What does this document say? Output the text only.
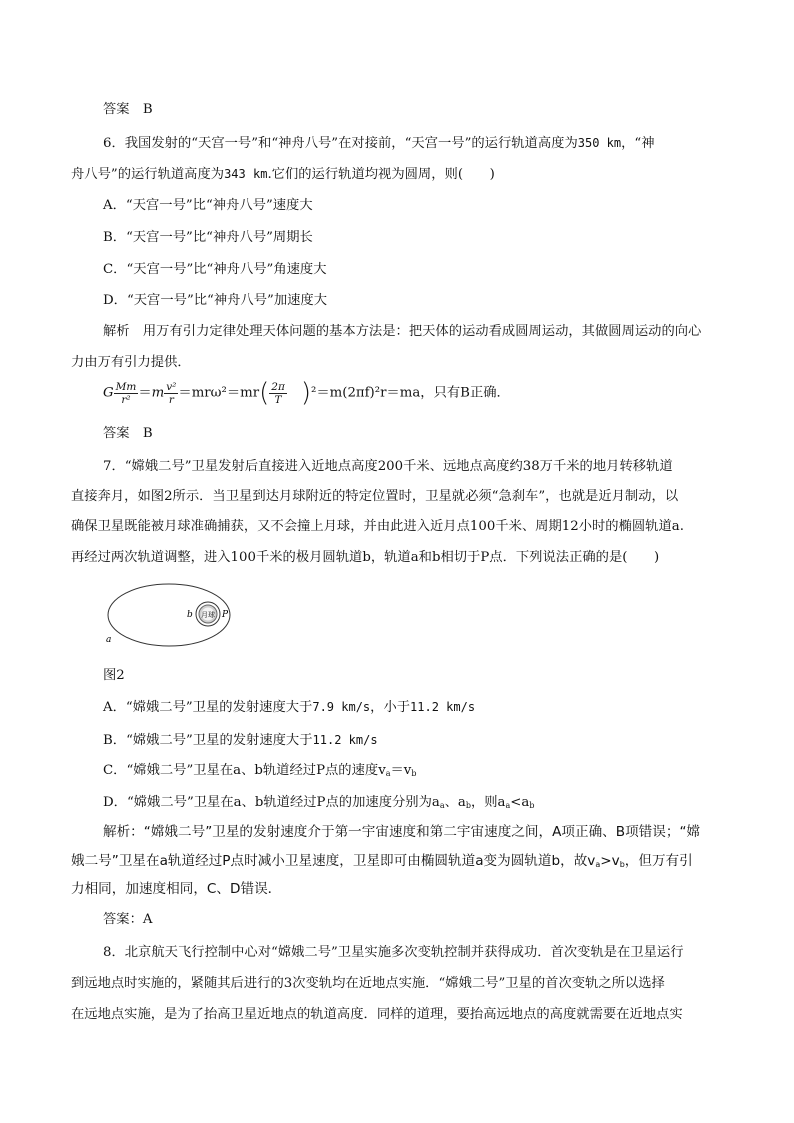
答案　B
6．我国发射的“天宫一号”和“神舟八号”在对接前，“天宫一号”的运行轨道高度为350 km，“神
舟八号”的运行轨道高度为343 km.它们的运行轨道均视为圆周，则(　　)
A．“天宫一号”比“神舟八号”速度大
B．“天宫一号”比“神舟八号”周期长
C．“天宫一号”比“神舟八号”角速度大
D．“天宫一号”比“神舟八号”加速度大
解析　用万有引力定律处理天体问题的基本方法是：把天体的运动看成圆周运动，其做圆周运动的向心
力由万有引力提供．
G $\frac{Mm}{\text{r²}} =m \frac{\text{v²}}{r} =mr\omega^2=mr( \frac{2\pi}{T} )^2=m(2\pi f)^2r=ma$，只有B正确．
答案　B
7．“嫦娥二号”卫星发射后直接进入近地点高度200千米、远地点高度约38万千米的地月转移轨道
直接奔月，如图2所示．当卫星到达月球附近的特定位置时，卫星就必须“急刹车”，也就是近月制动，以
确保卫星既能被月球准确捕获，又不会撞上月球，并由此进入近月点100千米、周期12小时的椭圆轨道a.
再经过两次轨道调整，进入100千米的极月圆轨道b，轨道a和b相切于P点．下列说法正确的是(　　)
月球
b	P
a
图2
A．“嫦娥二号”卫星的发射速度大于7.9 km/s，小于11.2 km/s
B．“嫦娥二号”卫星的发射速度大于11.2 km/s
C．“嫦娥二号”卫星在a、b轨道经过P点的速度$v_a=v_b$
D．“嫦娥二号”卫星在a、b轨道经过P点的加速度分别为$a_a$、$a_b$，则$a_a<a_b$
解析：“嫦娥二号”卫星的发射速度介于第一宇宙速度和第二宇宙速度之间，A项正确、B项错误；“嫦
娥二号”卫星在a轨道经过P点时减小卫星速度，卫星即可由椭圆轨道a变为圆轨道b，故$v_a>v_b$，但万有引
力相同，加速度相同，C、D错误．
答案：A
8．北京航天飞行控制中心对“嫦娥二号”卫星实施多次变轨控制并获得成功．首次变轨是在卫星运行
到远地点时实施的，紧随其后进行的3次变轨均在近地点实施．“嫦娥二号”卫星的首次变轨之所以选择
在远地点实施，是为了抬高卫星近地点的轨道高度．同样的道理，要抬高远地点的高度就需要在近地点实
